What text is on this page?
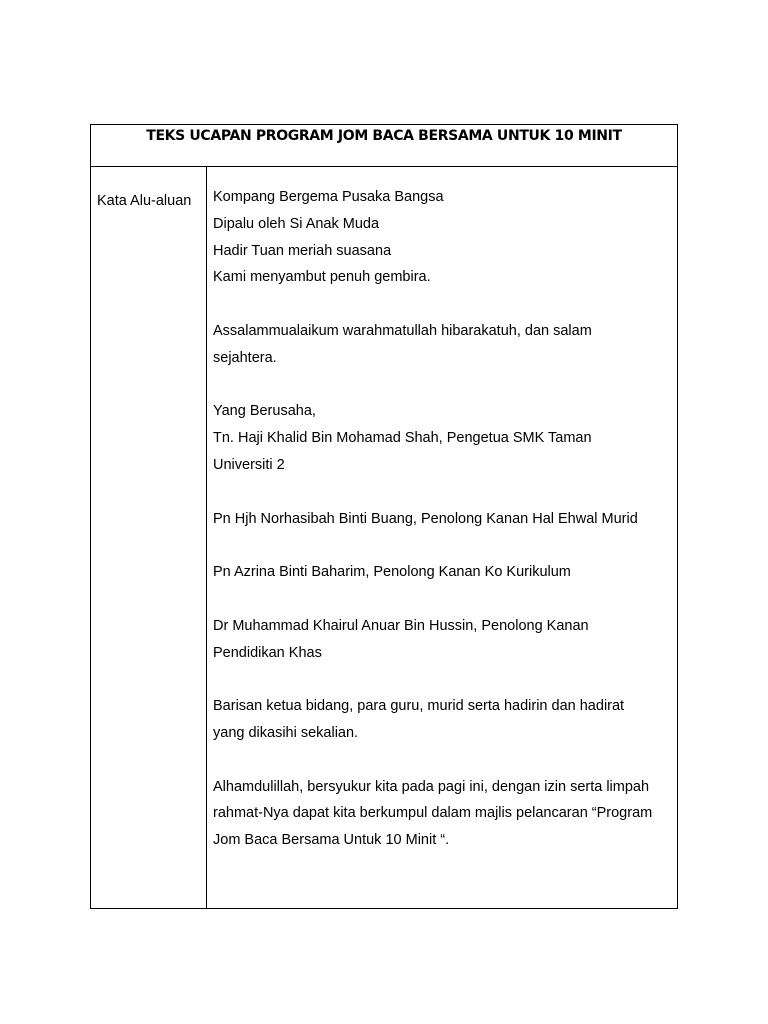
TEKS UCAPAN PROGRAM JOM BACA BERSAMA UNTUK 10 MINIT
Kata Alu-aluan Kompang Bergema Pusaka Bangsa
Dipalu oleh Si Anak Muda
Hadir Tuan meriah suasana
Kami menyambut penuh gembira.
Assalammualaikum warahmatullah hibarakatuh, dan salam
sejahtera.
Yang Berusaha,
Tn. Haji Khalid Bin Mohamad Shah, Pengetua SMK Taman
Universiti 2
Pn Hjh Norhasibah Binti Buang, Penolong Kanan Hal Ehwal Murid
Pn Azrina Binti Baharim, Penolong Kanan Ko Kurikulum
Dr Muhammad Khairul Anuar Bin Hussin, Penolong Kanan
Pendidikan Khas
Barisan ketua bidang, para guru, murid serta hadirin dan hadirat
yang dikasihi sekalian.
Alhamdulillah, bersyukur kita pada pagi ini, dengan izin serta limpah
rahmat-Nya dapat kita berkumpul dalam majlis pelancaran “Program
Jom Baca Bersama Untuk 10 Minit “.
